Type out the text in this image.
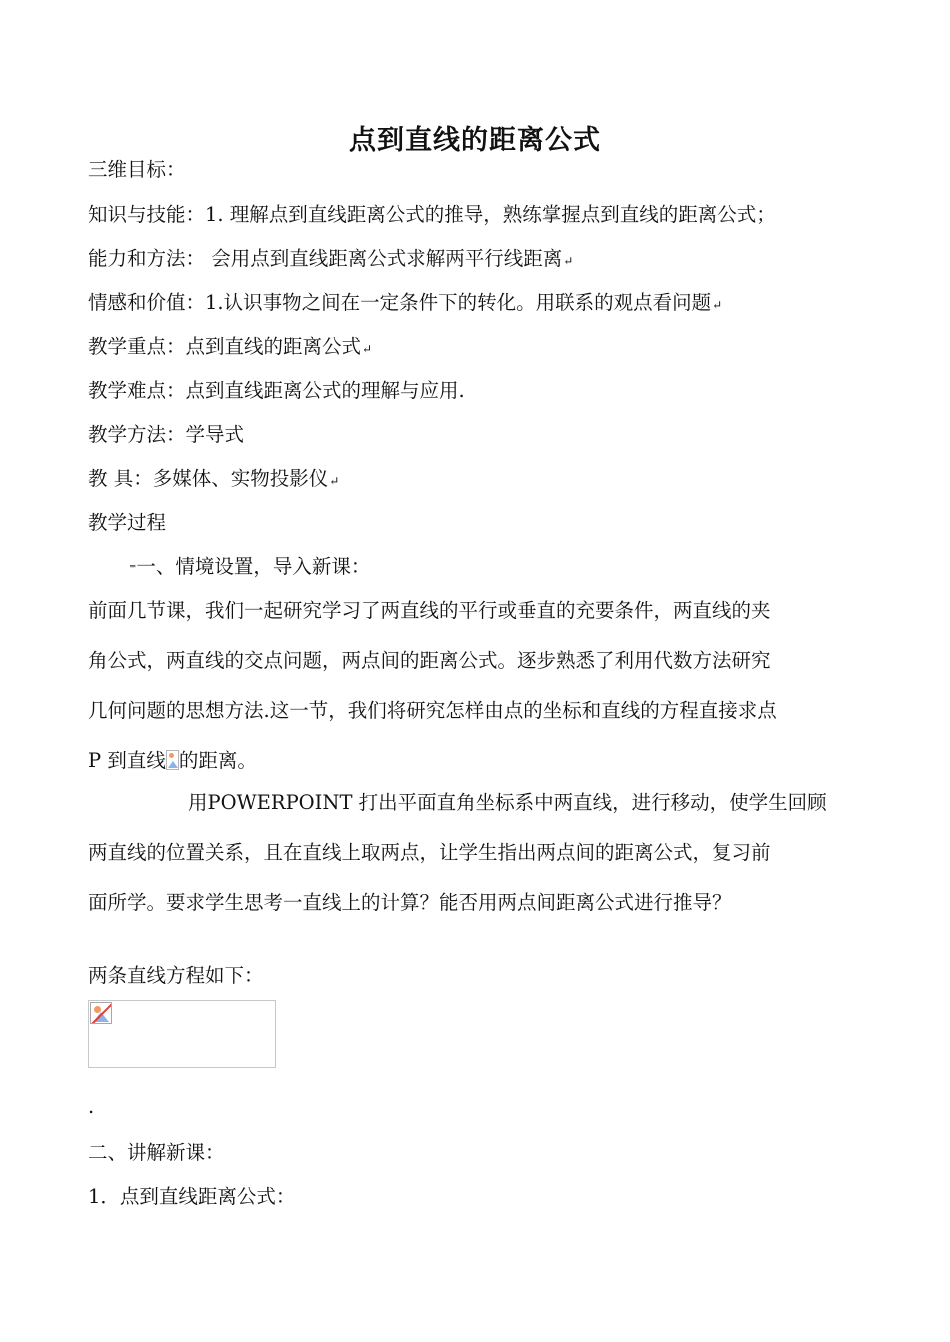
点到直线的距离公式
三维目标：
知识与技能：1. 理解点到直线距离公式的推导，熟练掌握点到直线的距离公式；
能力和方法： 会用点到直线距离公式求解两平行线距离↵
情感和价值：1.认识事物之间在一定条件下的转化。用联系的观点看问题↵
教学重点：点到直线的距离公式↵
教学难点：点到直线距离公式的理解与应用.
教学方法：学导式
教 具：多媒体、实物投影仪↵
教学过程
⁼一、情境设置，导入新课：
前面几节课，我们一起研究学习了两直线的平行或垂直的充要条件，两直线的夹
角公式，两直线的交点问题，两点间的距离公式。逐步熟悉了利用代数方法研究
几何问题的思想方法.这一节，我们将研究怎样由点的坐标和直线的方程直接求点
P 到直线 的距离。
用POWERPOINT 打出平面直角坐标系中两直线，进行移动，使学生回顾
两直线的位置关系，且在直线上取两点，让学生指出两点间的距离公式，复习前
面所学。要求学生思考一直线上的计算？能否用两点间距离公式进行推导？
两条直线方程如下：
.
二、讲解新课：
1．点到直线距离公式：
